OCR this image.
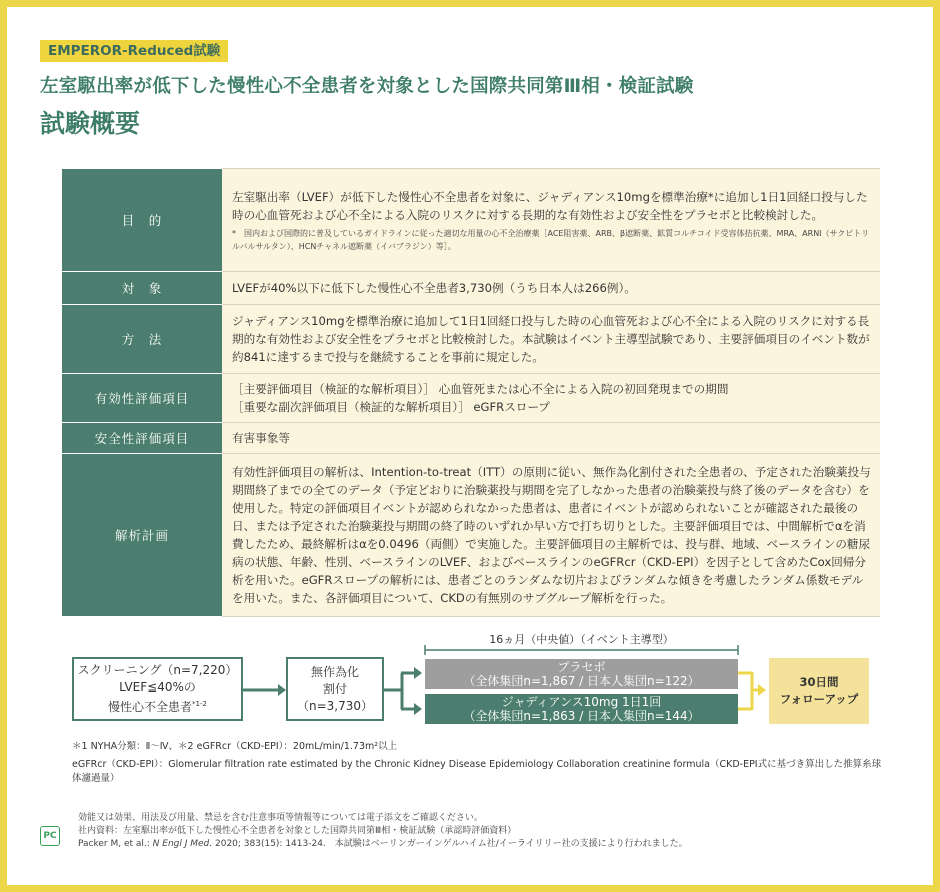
EMPEROR-Reduced試験
左室駆出率が低下した慢性心不全患者を対象とした国際共同第Ⅲ相・検証試験
試験概要
目　的	左室駆出率（LVEF）が低下した慢性心不全患者を対象に、ジャディアンス10mgを標準治療*に追加し1日1回経口投与した時の心血管死および心不全による入院のリスクに対する長期的な有効性および安全性をプラセボと比較検討した。
*　国内および国際的に普及しているガイドラインに従った適切な用量の心不全治療薬［ACE阻害薬、ARB、β遮断薬、鉱質コルチコイド受容体拮抗薬、MRA、ARNI（サクビトリルバルサルタン）、HCNチャネル遮断薬（イバブラジン）等］。

対　象	LVEFが40%以下に低下した慢性心不全患者3,730例（うち日本人は266例）。
方　法	ジャディアンス10mgを標準治療に追加して1日1回経口投与した時の心血管死および心不全による入院のリスクに対する長期的な有効性および安全性をプラセボと比較検討した。本試験はイベント主導型試験であり、主要評価項目のイベント数が約841に達するまで投与を継続することを事前に規定した。
有効性評価項目	［主要評価項目（検証的な解析項目）］ 心血管死または心不全による入院の初回発現までの期間
［重要な副次評価項目（検証的な解析項目）］ eGFRスロープ

安全性評価項目	有害事象等
解析計画	有効性評価項目の解析は、Intention-to-treat（ITT）の原則に従い、無作為化割付された全患者の、予定された治験薬投与期間終了までの全てのデータ（予定どおりに治験薬投与期間を完了しなかった患者の治験薬投与終了後のデータを含む）を使用した。特定の評価項目イベントが認められなかった患者は、患者にイベントが認められないことが確認された最後の日、または予定された治験薬投与期間の終了時のいずれか早い方で打ち切りとした。主要評価項目では、中間解析でαを消費したため、最終解析はαを0.0496（両側）で実施した。主要評価項目の主解析では、投与群、地域、ベースラインの糖尿病の状態、年齢、性別、ベースラインのLVEF、およびベースラインのeGFRcr（CKD-EPI）を因子として含めたCox回帰分析を用いた。eGFRスロープの解析には、患者ごとのランダムな切片およびランダムな傾きを考慮したランダム係数モデルを用いた。また、各評価項目について、CKDの有無別のサブグループ解析を行った。
16ヵ月（中央値）（イベント主導型）
スクリーニング（n=7,220）
LVEF≦40%の
慢性心不全患者$^{*1-2}$
無作為化
割付
（n=3,730）
プラセボ
（全体集団n=1,867 / 日本人集団n=122）
ジャディアンス10mg 1日1回
（全体集団n=1,863 / 日本人集団n=144）
30日間
フォローアップ
＊1 NYHA分類：Ⅱ～Ⅳ、＊2 eGFRcr（CKD-EPI）：20mL/min/1.73m²以上
eGFRcr（CKD-EPI）：Glomerular filtration rate estimated by the Chronic Kidney Disease Epidemiology Collaboration creatinine formula（CKD-EPI式に基づき算出した推算糸球体濾過量）
PC
効能又は効果、用法及び用量、禁忌を含む注意事項等情報等については電子添文をご確認ください。
社内資料：左室駆出率が低下した慢性心不全患者を対象とした国際共同第Ⅲ相・検証試験（承認時評価資料）
Packer M, et al.: N Engl J Med. 2020; 383(15): 1413-24.　本試験はベーリンガーインゲルハイム社/イーライリリー社の支援により行われました。
